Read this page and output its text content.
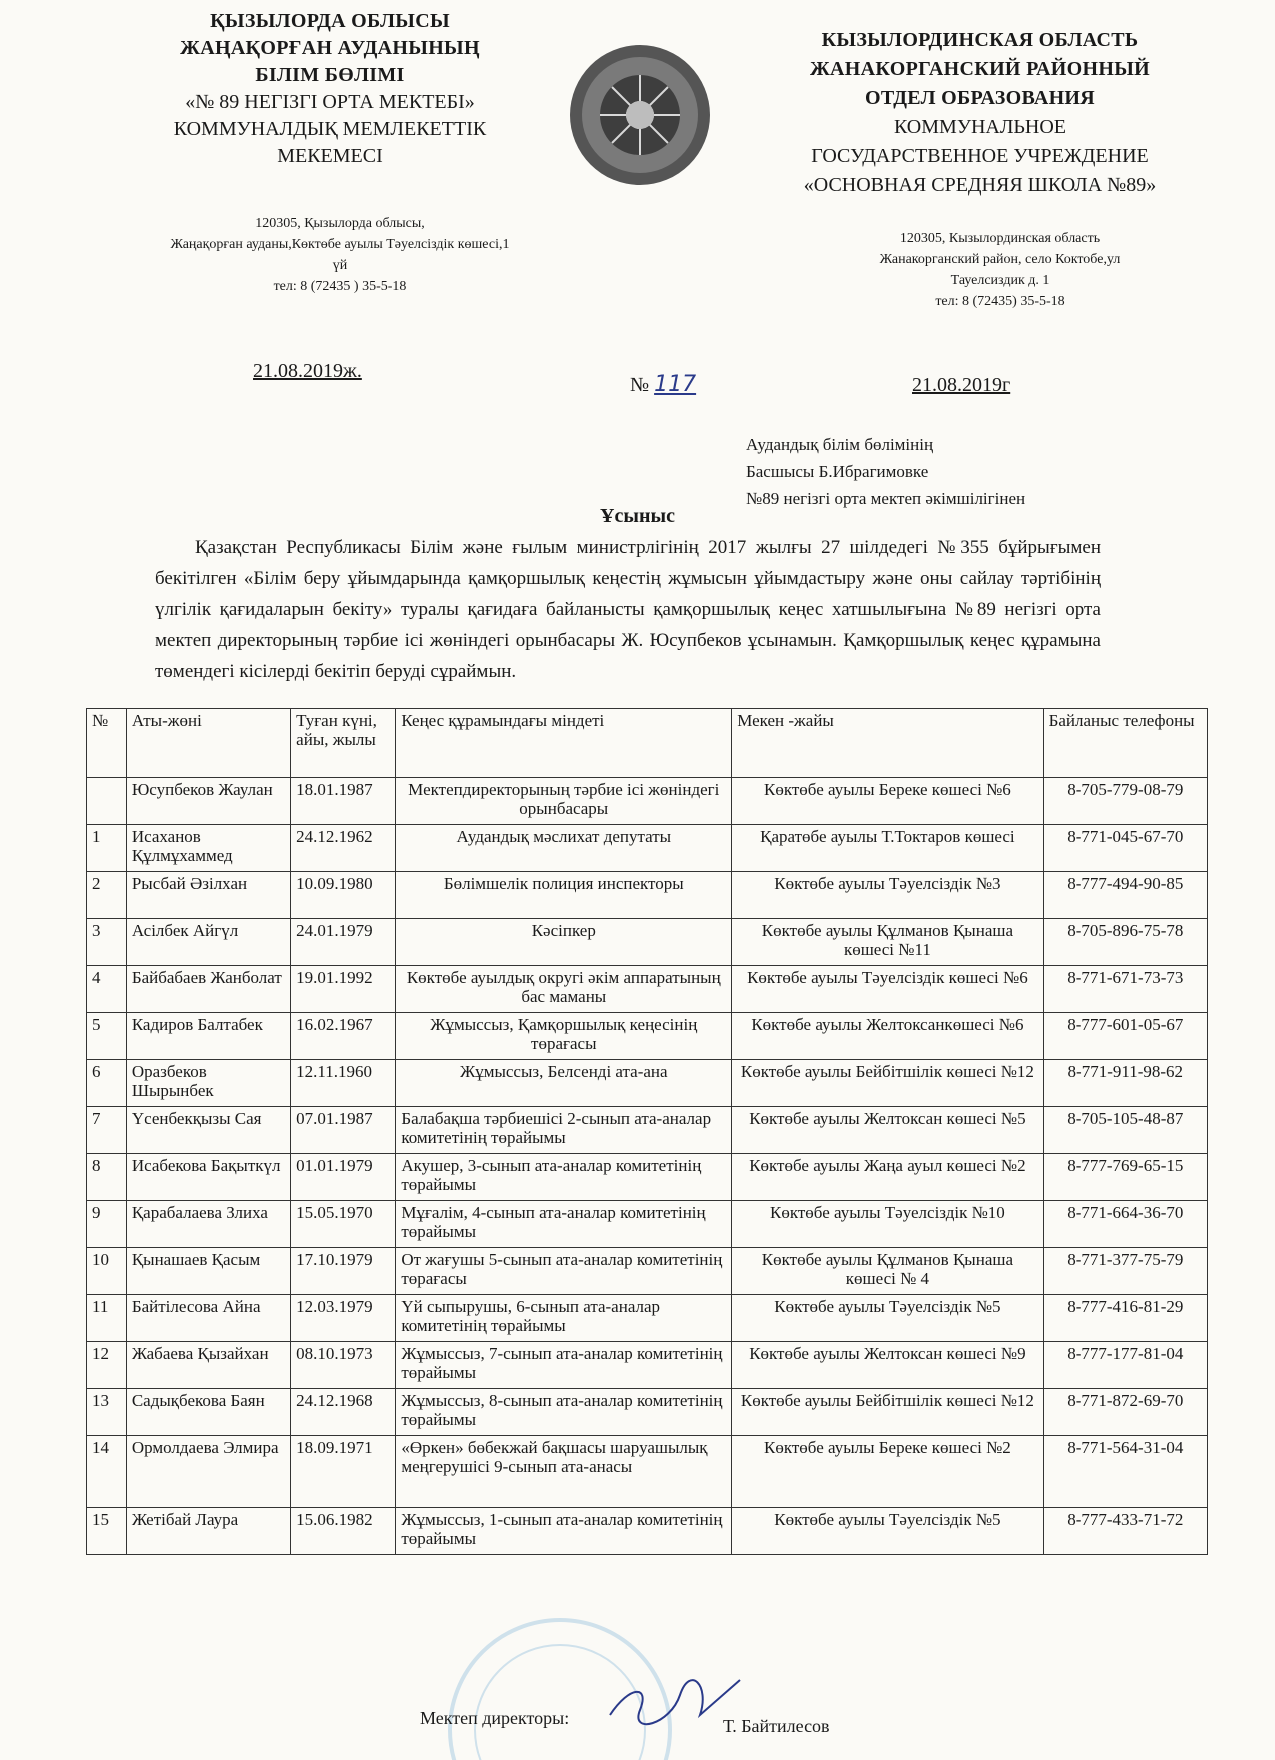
ҚЫЗЫЛОРДА ОБЛЫСЫ
ЖАҢАҚОРҒАН АУДАНЫНЫҢ
БІЛІМ БӨЛІМІ
«№ 89 НЕГІЗГІ ОРТА МЕКТЕБІ»
КОММУНАЛДЫҚ МЕМЛЕКЕТТІК
МЕКЕМЕСІ
КЫЗЫЛОРДИНСКАЯ ОБЛАСТЬ
ЖАНАКОРГАНСКИЙ РАЙОННЫЙ
ОТДЕЛ ОБРАЗОВАНИЯ
КОММУНАЛЬНОЕ
ГОСУДАРСТВЕННОЕ УЧРЕЖДЕНИЕ
«ОСНОВНАЯ СРЕДНЯЯ ШКОЛА №89»
120305, Қызылорда облысы,
Жаңақорған ауданы,Көктөбе ауылы Тәуелсіздік көшесі,1
үй
тел: 8 (72435 ) 35-5-18
120305, Кызылординская область
Жанакорганский район, село Коктобе,ул
Тауелсиздик д. 1
тел: 8 (72435) 35-5-18
21.08.2019ж.
№ 117	21.08.2019г
Аудандық білім бөлімінің
Басшысы Б.Ибрагимовке
№89 негізгі орта мектеп әкімшілігінен
Ұсыныс
Қазақстан Республикасы Білім және ғылым министрлігінің 2017 жылғы 27 шілдедегі №355 бұйрығымен бекітілген «Білім беру ұйымдарында қамқоршылық кеңестің жұмысын ұйымдастыру және оны сайлау тәртібінің үлгілік қағидаларын бекіту» туралы қағидаға байланысты қамқоршылық кеңес хатшылығына №89 негізгі орта мектеп директорының тәрбие ісі жөніндегі орынбасары Ж. Юсупбеков ұсынамын. Қамқоршылық кеңес құрамына төмендегі кісілерді бекітіп беруді сұраймын.
№	Аты-жөні	Туған күні, айы, жылы	Кеңес құрамындағы міндеті	Мекен -жайы	Байланыс телефоны
	Юсупбеков Жаулан	18.01.1987	Мектепдиректорының тәрбие ісі жөніндегі орынбасары	Көктөбе ауылы Береке көшесі №6	8-705-779-08-79
1	Исаханов Құлмұхаммед	24.12.1962	Аудандық мәслихат депутаты	Қаратөбе ауылы Т.Токтаров көшесі	8-771-045-67-70
2	Рысбай Әзілхан	10.09.1980	Бөлімшелік полиция инспекторы	Көктөбе ауылы Тәуелсіздік №3	8-777-494-90-85
3	Асілбек Айгүл	24.01.1979	Кәсіпкер	Көктөбе ауылы Құлманов Қынаша көшесі №11	8-705-896-75-78
4	Байбабаев Жанболат	19.01.1992	Көктөбе ауылдық округі әкім аппаратының бас маманы	Көктөбе ауылы Тәуелсіздік көшесі №6	8-771-671-73-73
5	Кадиров Балтабек	16.02.1967	Жұмыссыз, Қамқоршылық кеңесінің төрағасы	Көктөбе ауылы Желтоксанкөшесі №6	8-777-601-05-67
6	Оразбеков Шырынбек	12.11.1960	Жұмыссыз, Белсенді ата-ана	Көктөбе ауылы Бейбітшілік көшесі №12	8-771-911-98-62
7	Үсенбекқызы Сая	07.01.1987	Балабақша тәрбиешісі 2-сынып ата-аналар комитетінің төрайымы	Көктөбе ауылы Желтоксан көшесі №5	8-705-105-48-87
8	Исабекова Бақыткүл	01.01.1979	Акушер, 3-сынып ата-аналар комитетінің төрайымы	Көктөбе ауылы Жаңа ауыл көшесі №2	8-777-769-65-15
9	Қарабалаева Злиха	15.05.1970	Мұғалім, 4-сынып ата-аналар комитетінің төрайымы	Көктөбе ауылы Тәуелсіздік №10	8-771-664-36-70
10	Қынашаев Қасым	17.10.1979	От жағушы 5-сынып ата-аналар комитетінің төрағасы	Көктөбе ауылы Құлманов Қынаша көшесі № 4	8-771-377-75-79
11	Байтілесова Айна	12.03.1979	Үй сыпырушы, 6-сынып ата-аналар комитетінің төрайымы	Көктөбе ауылы Тәуелсіздік №5	8-777-416-81-29
12	Жабаева Қызайхан	08.10.1973	Жұмыссыз, 7-сынып ата-аналар комитетінің төрайымы	Көктөбе ауылы Желтоксан көшесі №9	8-777-177-81-04
13	Садықбекова Баян	24.12.1968	Жұмыссыз, 8-сынып ата-аналар комитетінің төрайымы	Көктөбе ауылы Бейбітшілік көшесі №12	8-771-872-69-70
14	Ормолдаева Элмира	18.09.1971	«Өркен» бөбекжай бақшасы шаруашылық меңгерушісі 9-сынып ата-анасы	Көктөбе ауылы Береке көшесі №2	8-771-564-31-04
15	Жетібай Лаура	15.06.1982	Жұмыссыз, 1-сынып ата-аналар комитетінің төрайымы	Көктөбе ауылы Тәуелсіздік №5	8-777-433-71-72
Мектеп директоры:	Т. Байтилесов
